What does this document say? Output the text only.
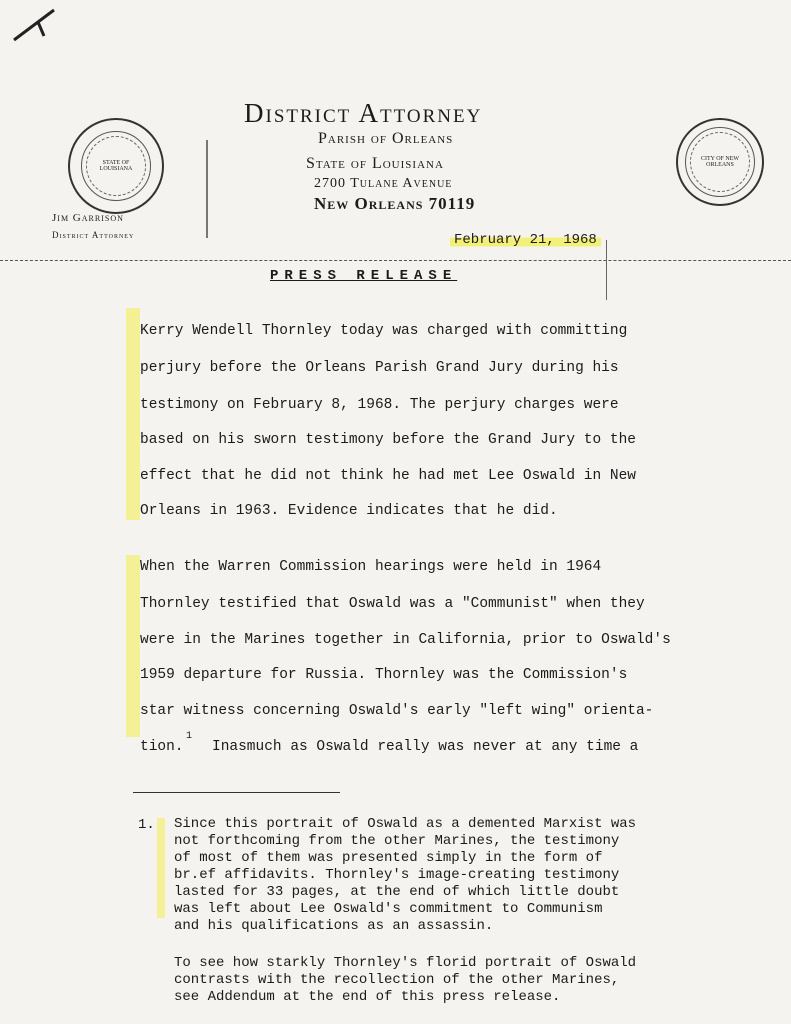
STATE OF LOUISIANA
CITY OF NEW ORLEANS
District Attorney
Parish of Orleans
State of Louisiana
2700 Tulane Avenue
New Orleans 70119
Jim Garrison
District Attorney	February 21, 1968
PRESS RELEASE
Kerry Wendell Thornley today was charged with committing
perjury before the Orleans Parish Grand Jury during his
testimony on February 8, 1968. The perjury charges were
based on his sworn testimony before the Grand Jury to the
effect that he did not think he had met Lee Oswald in New
Orleans in 1963. Evidence indicates that he did.
When the Warren Commission hearings were held in 1964
Thornley testified that Oswald was a "Communist" when they
were in the Marines together in California, prior to Oswald's
1959 departure for Russia. Thornley was the Commission's
star witness concerning Oswald's early "left wing" orienta-
tion.
1
Inasmuch as Oswald really was never at any time a
1. Since this portrait of Oswald as a demented Marxist was
not forthcoming from the other Marines, the testimony
of most of them was presented simply in the form of
br.ef affidavits. Thornley's image-creating testimony
lasted for 33 pages, at the end of which little doubt
was left about Lee Oswald's commitment to Communism
and his qualifications as an assassin.
To see how starkly Thornley's florid portrait of Oswald
contrasts with the recollection of the other Marines,
see Addendum at the end of this press release.
